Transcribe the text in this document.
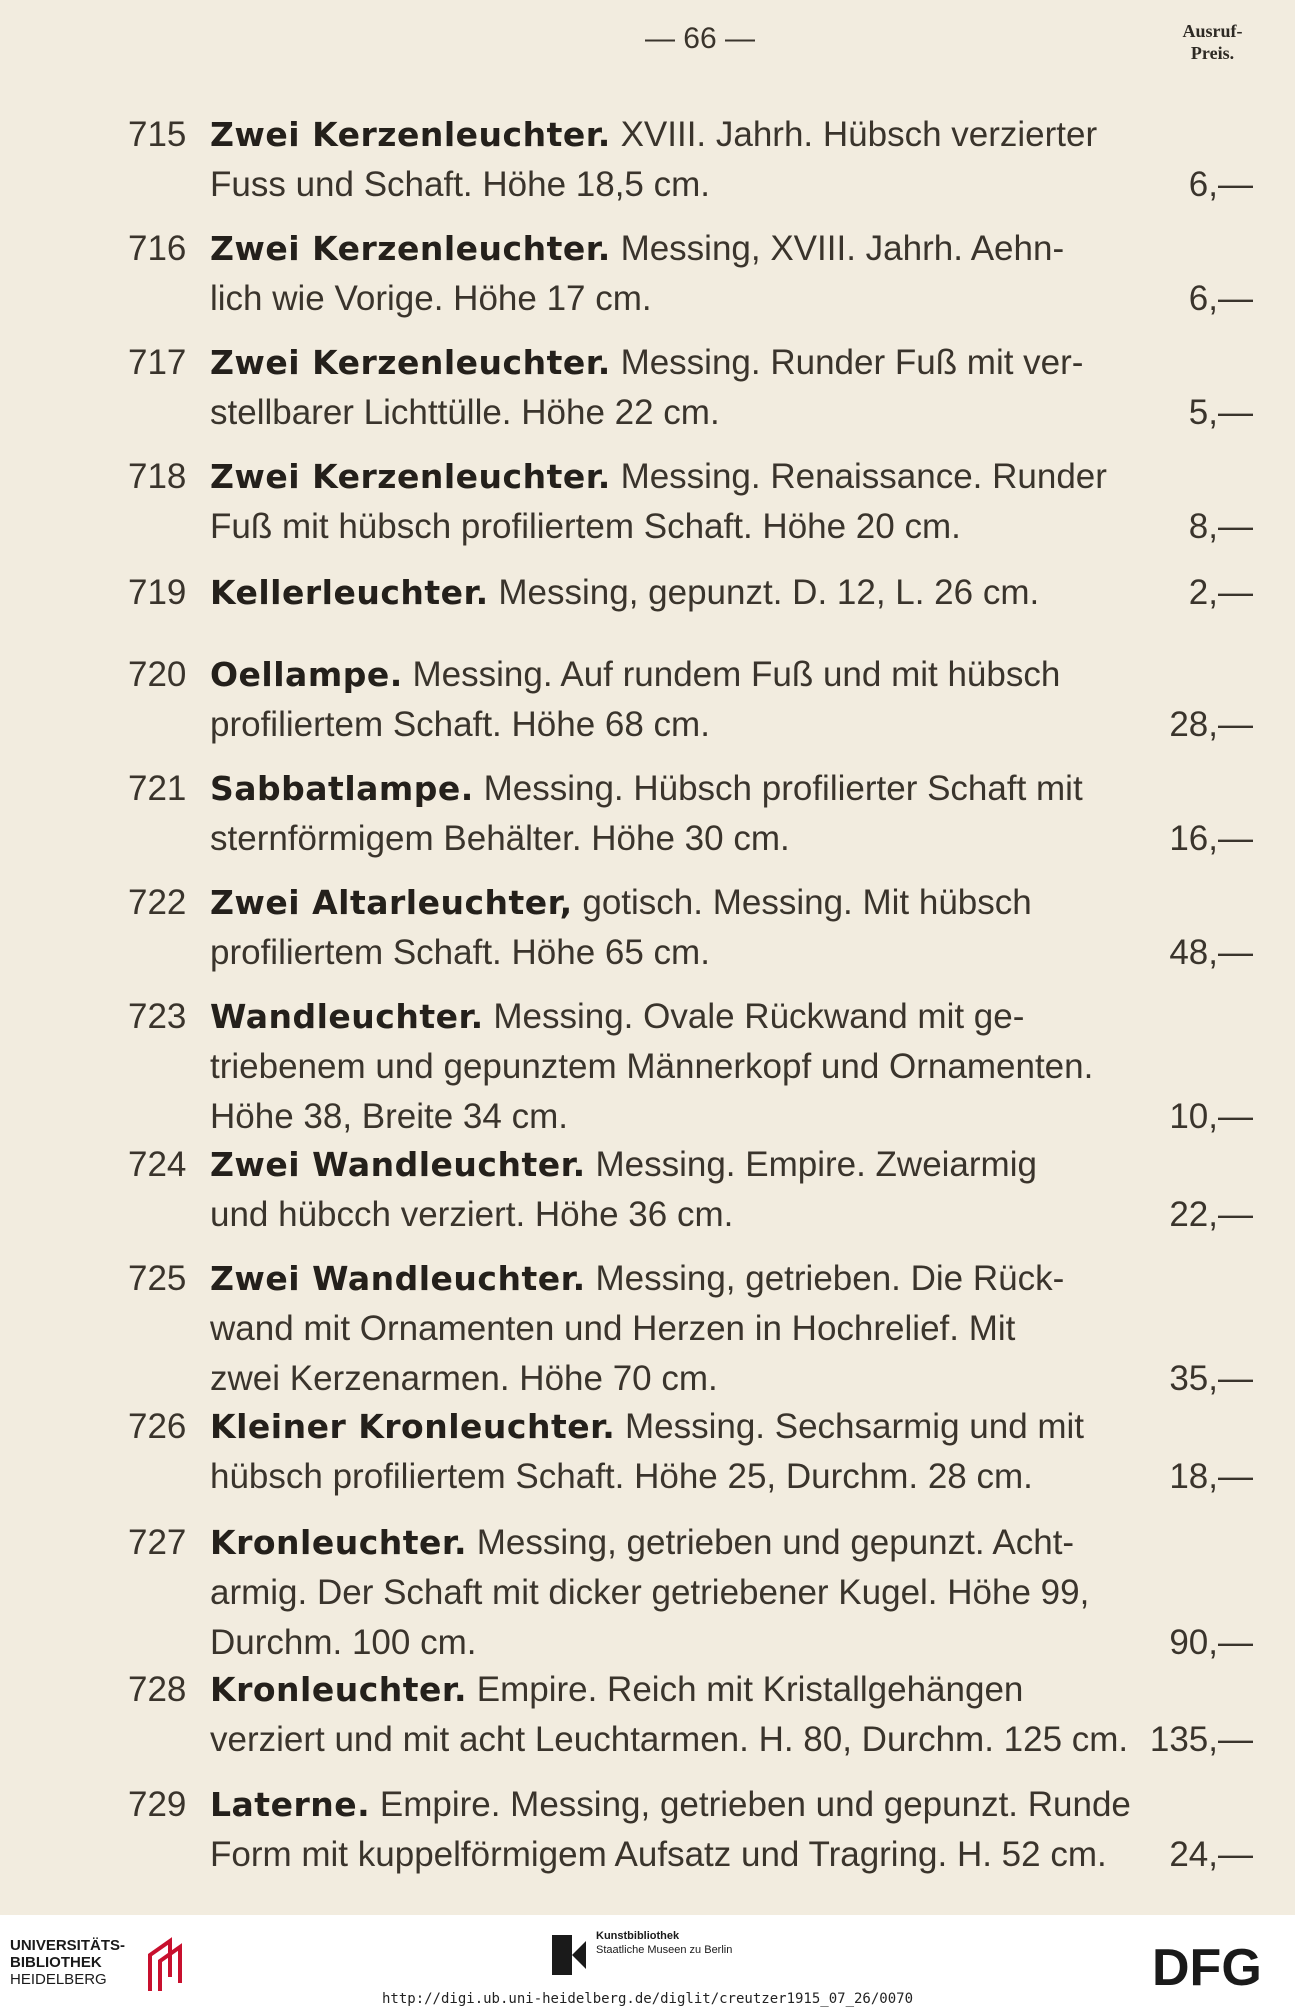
— 66 —	Ausruf-
Preis.
715 Zwei Kerzenleuchter. XVIII. Jahrh. Hübsch verzierter
Fuss und Schaft. Höhe 18,5 cm.	6,—
716 Zwei Kerzenleuchter. Messing, XVIII. Jahrh. Aehn-
lich wie Vorige. Höhe 17 cm.	6,—
717 Zwei Kerzenleuchter. Messing. Runder Fuß mit ver-
stellbarer Lichttülle. Höhe 22 cm.	5,—
718 Zwei Kerzenleuchter. Messing. Renaissance. Runder
Fuß mit hübsch profiliertem Schaft. Höhe 20 cm.	8,—
719 Kellerleuchter. Messing, gepunzt. D. 12, L. 26 cm.	2,—
720 Oellampe. Messing. Auf rundem Fuß und mit hübsch
profiliertem Schaft. Höhe 68 cm.	28,—
721 Sabbatlampe. Messing. Hübsch profilierter Schaft mit
sternförmigem Behälter. Höhe 30 cm.	16,—
722 Zwei Altarleuchter, gotisch. Messing. Mit hübsch
profiliertem Schaft. Höhe 65 cm.	48,—
723 Wandleuchter. Messing. Ovale Rückwand mit ge-
triebenem und gepunztem Männerkopf und Ornamenten.
Höhe 38, Breite 34 cm.	10,—
724 Zwei Wandleuchter. Messing. Empire. Zweiarmig
und hübcch verziert. Höhe 36 cm.	22,—
725 Zwei Wandleuchter. Messing, getrieben. Die Rück-
wand mit Ornamenten und Herzen in Hochrelief. Mit
zwei Kerzenarmen. Höhe 70 cm.	35,—
726 Kleiner Kronleuchter. Messing. Sechsarmig und mit
hübsch profiliertem Schaft. Höhe 25, Durchm. 28 cm.	18,—
727 Kronleuchter. Messing, getrieben und gepunzt. Acht-
armig. Der Schaft mit dicker getriebener Kugel. Höhe 99,
Durchm. 100 cm.	90,—
728 Kronleuchter. Empire. Reich mit Kristallgehängen
verziert und mit acht Leuchtarmen. H. 80, Durchm. 125 cm. 135,—
729 Laterne. Empire. Messing, getrieben und gepunzt. Runde
Form mit kuppelförmigem Aufsatz und Tragring. H. 52 cm.	24,—
UNIVERSITÄTS-
BIBLIOTHEK
HEIDELBERG
Kunstbibliothek
Staatliche Museen zu Berlin	DFG
http://digi.ub.uni-heidelberg.de/diglit/creutzer1915_07_26/0070
